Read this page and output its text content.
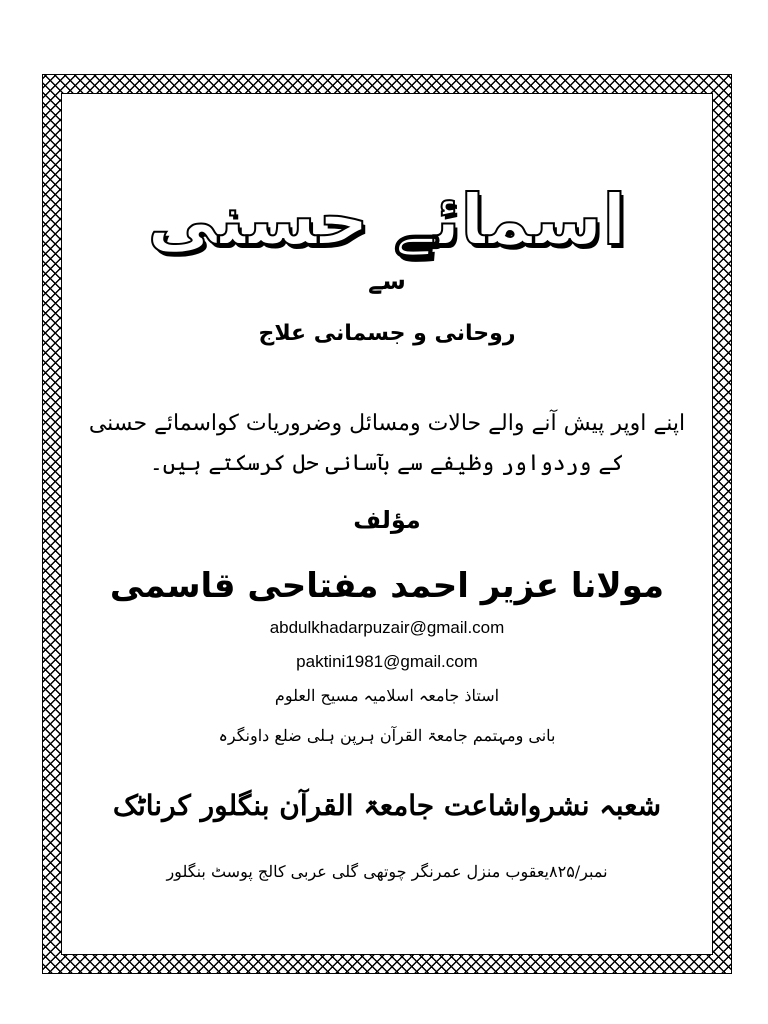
اسمائے حسنی
سے
روحانی و جسمانی علاج
اپنے اوپر پیش آنے والے حالات ومسائل وضروریات کواسمائے حسنی
کے وردواور وظیفے سے بآسانی حل کرسکتے ہیں۔
مؤلف
مولانا عزیر احمد مفتاحی قاسمی
abdulkhadarpuzair@gmail.com
paktini1981@gmail.com
استاذ جامعہ اسلامیہ مسیح العلوم
بانی ومہتمم جامعۃ القرآن ہرپن ہلی ضلع داونگرہ
شعبہ نشرواشاعت جامعۃ القرآن بنگلور کرناٹک
نمبر/۸۲۵یعقوب منزل عمرنگر چوتھی گلی عربی کالج پوسٹ بنگلور
